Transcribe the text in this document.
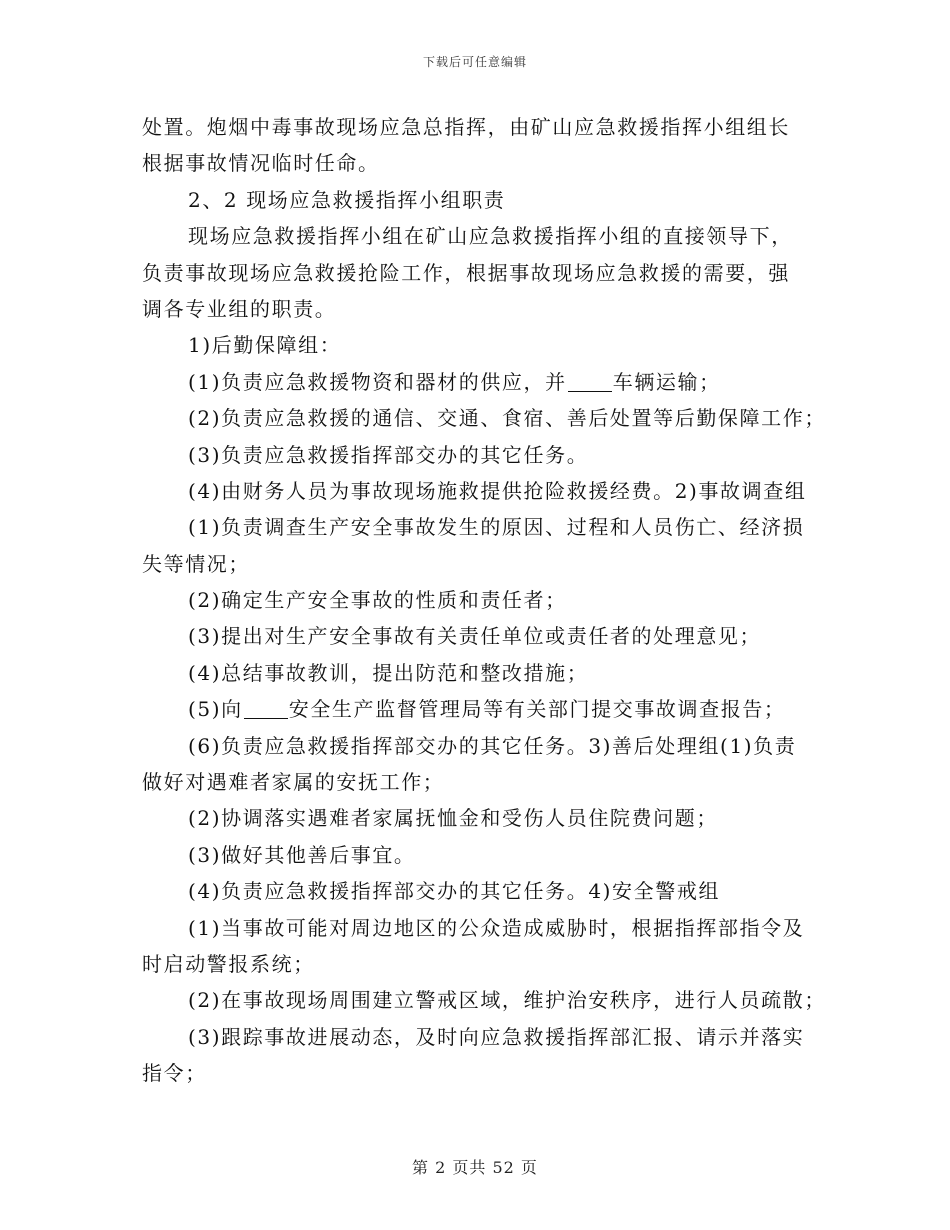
下载后可任意编辑
处置。炮烟中毒事故现场应急总指挥，由矿山应急救援指挥小组组长
根据事故情况临时任命。
2、2 现场应急救援指挥小组职责
现场应急救援指挥小组在矿山应急救援指挥小组的直接领导下，
负责事故现场应急救援抢险工作，根据事故现场应急救援的需要，强
调各专业组的职责。
1)后勤保障组：
(1)负责应急救援物资和器材的供应，并 车辆运输；
(2)负责应急救援的通信、交通、食宿、善后处置等后勤保障工作；
(3)负责应急救援指挥部交办的其它任务。
(4)由财务人员为事故现场施救提供抢险救援经费。2)事故调查组
(1)负责调查生产安全事故发生的原因、过程和人员伤亡、经济损
失等情况；
(2)确定生产安全事故的性质和责任者；
(3)提出对生产安全事故有关责任单位或责任者的处理意见；
(4)总结事故教训，提出防范和整改措施；
(5)向 安全生产监督管理局等有关部门提交事故调查报告；
(6)负责应急救援指挥部交办的其它任务。3)善后处理组(1)负责
做好对遇难者家属的安抚工作；
(2)协调落实遇难者家属抚恤金和受伤人员住院费问题；
(3)做好其他善后事宜。
(4)负责应急救援指挥部交办的其它任务。4)安全警戒组
(1)当事故可能对周边地区的公众造成威胁时，根据指挥部指令及
时启动警报系统；
(2)在事故现场周围建立警戒区域，维护治安秩序，进行人员疏散；
(3)跟踪事故进展动态，及时向应急救援指挥部汇报、请示并落实
指令；
第 2 页共 52 页
